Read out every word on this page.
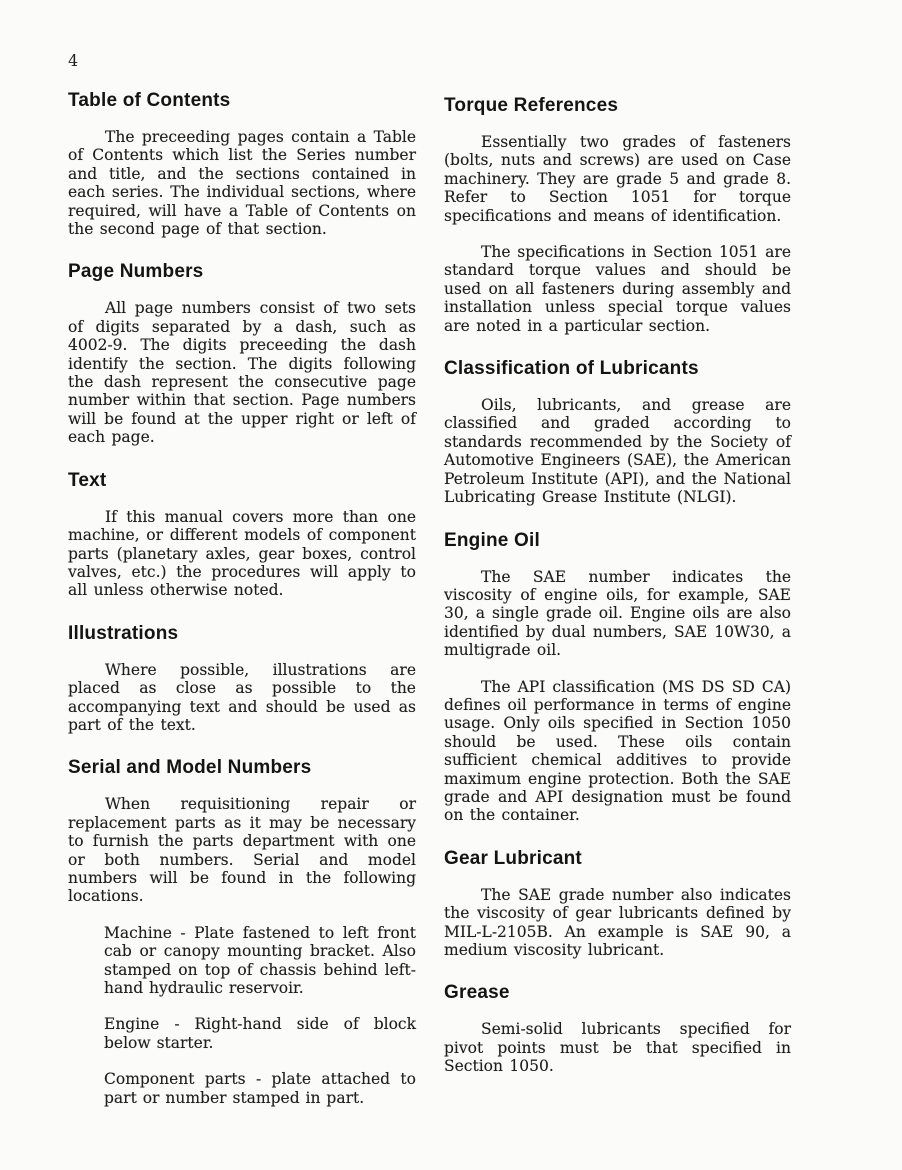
4
Table of Contents

The preceeding pages contain a Table of Contents which list the Series number and title, and the sections contained in each series. The individual sections, where required, will have a Table of Contents on the second page of that section.

Page Numbers

All page numbers consist of two sets of digits separated by a dash, such as 4002-9. The digits preceeding the dash identify the section. The digits following the dash represent the consecutive page number within that section. Page numbers will be found at the upper right or left of each page.

Text

If this manual covers more than one machine, or different models of component parts (planetary axles, gear boxes, control valves, etc.) the procedures will apply to all unless otherwise noted.

Illustrations

Where possible, illustrations are placed as close as possible to the accompanying text and should be used as part of the text.

Serial and Model Numbers

When requisitioning repair or replacement parts as it may be necessary to furnish the parts department with one or both numbers. Serial and model numbers will be found in the following locations.

Machine - Plate fastened to left front cab or canopy mounting bracket. Also stamped on top of chassis behind left-hand hydraulic reservoir.

Engine - Right-hand side of block below starter.

Component parts - plate attached to part or number stamped in part.

Torque References

Essentially two grades of fasteners (bolts, nuts and screws) are used on Case machinery. They are grade 5 and grade 8. Refer to Section 1051 for torque specifications and means of identification.

The specifications in Section 1051 are standard torque values and should be used on all fasteners during assembly and installation unless special torque values are noted in a particular section.

Classification of Lubricants

Oils, lubricants, and grease are classified and graded according to standards recommended by the Society of Automotive Engineers (SAE), the American Petroleum Institute (API), and the National Lubricating Grease Institute (NLGI).

Engine Oil

The SAE number indicates the viscosity of engine oils, for example, SAE 30, a single grade oil. Engine oils are also identified by dual numbers, SAE 10W30, a multigrade oil.

The API classification (MS DS SD CA) defines oil performance in terms of engine usage. Only oils specified in Section 1050 should be used. These oils contain sufficient chemical additives to provide maximum engine protection. Both the SAE grade and API designation must be found on the container.

Gear Lubricant

The SAE grade number also indicates the viscosity of gear lubricants defined by MIL-L-2105B. An example is SAE 90, a medium viscosity lubricant.

Grease

Semi-solid lubricants specified for pivot points must be that specified in Section 1050.
